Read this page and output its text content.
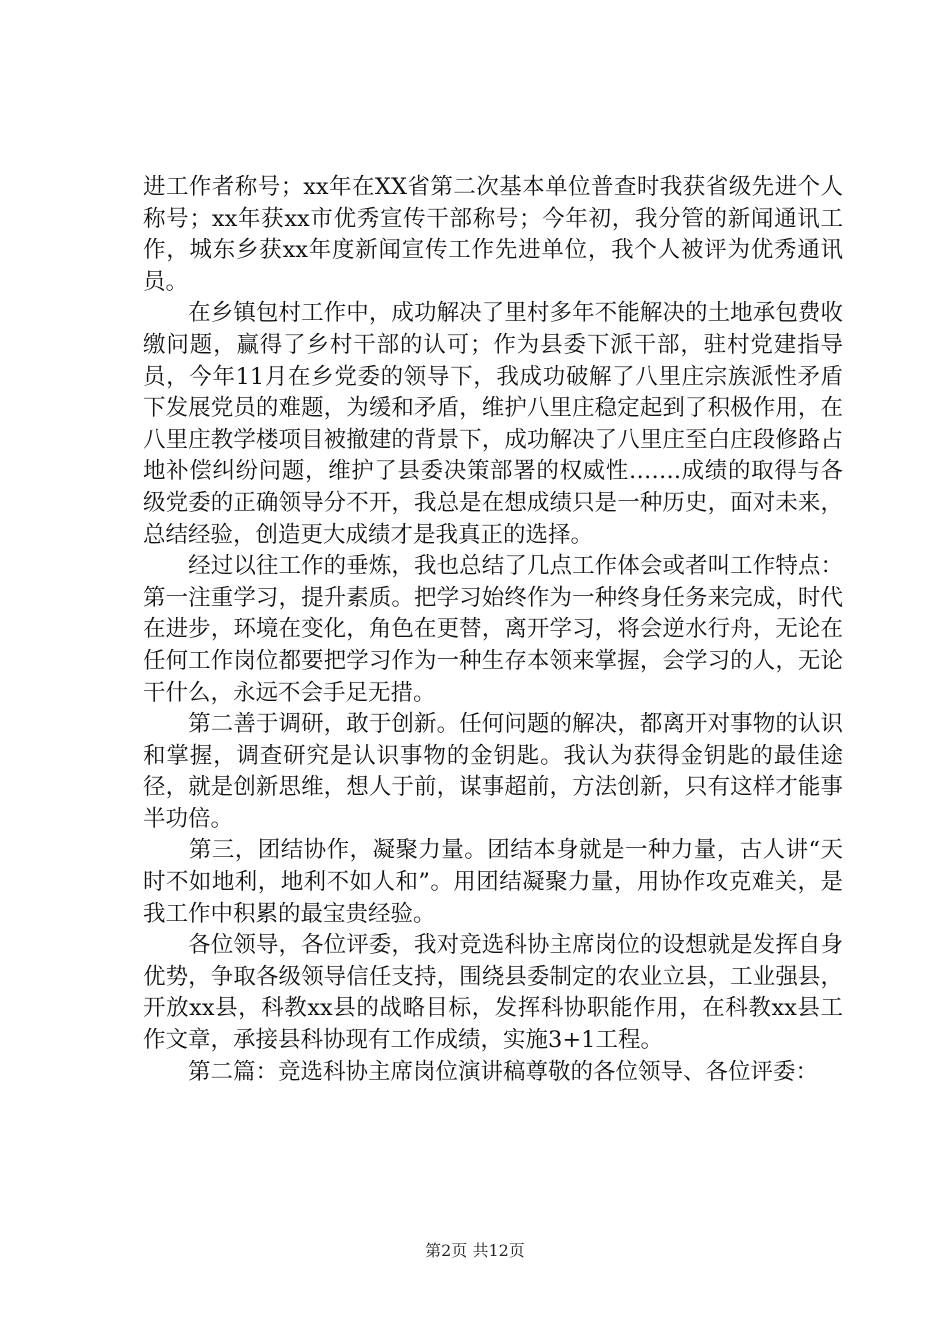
进工作者称号；xx年在XX省第二次基本单位普查时我获省级先进个人称号；xx年获xx市优秀宣传干部称号；今年初，我分管的新闻通讯工作，城东乡获xx年度新闻宣传工作先进单位，我个人被评为优秀通讯员。

　　在乡镇包村工作中，成功解决了里村多年不能解决的土地承包费收缴问题，赢得了乡村干部的认可；作为县委下派干部，驻村党建指导员，今年11月在乡党委的领导下，我成功破解了八里庄宗族派性矛盾下发展党员的难题，为缓和矛盾，维护八里庄稳定起到了积极作用，在八里庄教学楼项目被撤建的背景下，成功解决了八里庄至白庄段修路占地补偿纠纷问题，维护了县委决策部署的权威性…….成绩的取得与各级党委的正确领导分不开，我总是在想成绩只是一种历史，面对未来，总结经验，创造更大成绩才是我真正的选择。

　　经过以往工作的垂炼，我也总结了几点工作体会或者叫工作特点：第一注重学习，提升素质。把学习始终作为一种终身任务来完成，时代在进步，环境在变化，角色在更替，离开学习，将会逆水行舟，无论在任何工作岗位都要把学习作为一种生存本领来掌握，会学习的人，无论干什么，永远不会手足无措。

　　第二善于调研，敢于创新。任何问题的解决，都离开对事物的认识和掌握，调查研究是认识事物的金钥匙。我认为获得金钥匙的最佳途径，就是创新思维，想人于前，谋事超前，方法创新，只有这样才能事半功倍。

　　第三，团结协作，凝聚力量。团结本身就是一种力量，古人讲“天时不如地利，地利不如人和”。用团结凝聚力量，用协作攻克难关，是我工作中积累的最宝贵经验。

　　各位领导，各位评委，我对竞选科协主席岗位的设想就是发挥自身优势，争取各级领导信任支持，围绕县委制定的农业立县，工业强县，开放xx县，科教xx县的战略目标，发挥科协职能作用，在科教xx县工作文章，承接县科协现有工作成绩，实施3+1工程。

　　第二篇：竞选科协主席岗位演讲稿尊敬的各位领导、各位评委：

第2页 共12页
